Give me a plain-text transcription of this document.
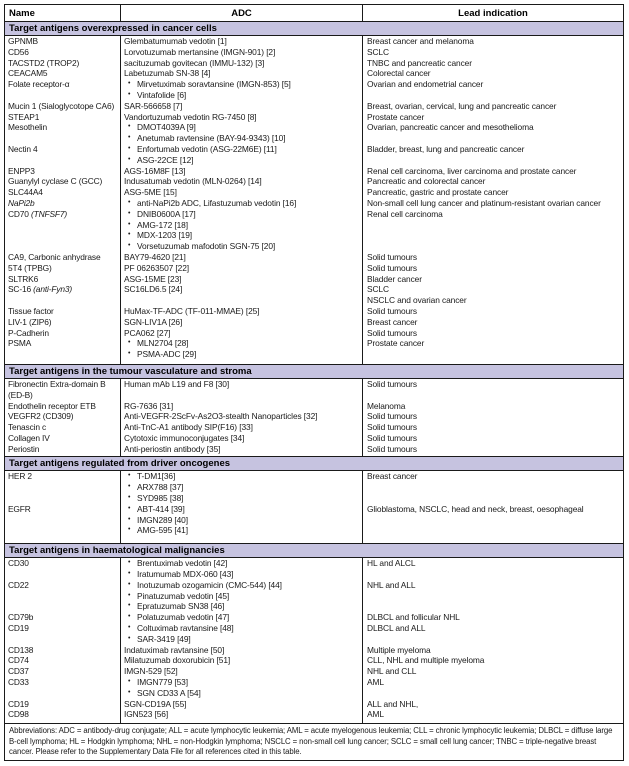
Name	ADC	Lead indication
Target antigens overexpressed in cancer cells
GPNMB
CD56
TACSTD2 (TROP2)
CEACAM5
Folate receptor-α
Mucin 1 (Sialoglycotope CA6)
STEAP1
Mesothelin
Nectin 4
ENPP3
Guanylyl cyclase C (GCC)
SLC44A4
NaPi2b
CD70 (TNFSF7)
CA9, Carbonic anhydrase
5T4 (TPBG)
SLTRK6
SC-16 (anti-Fyn3)
Tissue factor
LIV-1 (ZIP6)
P-Cadherin
PSMA
Glembatumumab vedotin [1]
Lorvotuzumab mertansine (IMGN-901) [2]
sacituzumab govitecan (IMMU-132) [3]
Labetuzumab SN-38 [4]
• Mirvetuximab soravtansine (IMGN-853) [5]
• Vintafolide [6]
SAR-566658 [7]
Vandortuzumab vedotin RG-7450 [8]
• DMOT4039A [9]
• Anetumab ravtensine (BAY-94-9343) [10]
• Enfortumab vedotin (ASG-22M6E) [11]
• ASG-22CE [12]
AGS-16M8F [13]
Indusatumab vedotin (MLN-0264) [14]
ASG-5ME [15]
• anti-NaPi2b ADC, Lifastuzumab vedotin [16]
• DNIB0600A [17]
• AMG-172 [18]
• MDX-1203 [19]
• Vorsetuzumab mafodotin SGN-75 [20]
BAY79-4620 [21]
PF 06263507 [22]
ASG-15ME [23]
SC16LD6.5 [24]
HuMax-TF-ADC (TF-011-MMAE) [25]
SGN-LIV1A [26]
PCA062 [27]
• MLN2704 [28]
• PSMA-ADC [29]
Breast cancer and melanoma
SCLC
TNBC and pancreatic cancer
Colorectal cancer
Ovarian and endometrial cancer
Breast, ovarian, cervical, lung and pancreatic cancer
Prostate cancer
Ovarian, pancreatic cancer and mesothelioma
Bladder, breast, lung and pancreatic cancer
Renal cell carcinoma, liver carcinoma and prostate cancer
Pancreatic and colorectal cancer
Pancreatic, gastric and prostate cancer
Non-small cell lung cancer and platinum-resistant ovarian cancer
Renal cell carcinoma
Solid tumours
Solid tumours
Bladder cancer
SCLC
NSCLC and ovarian cancer
Solid tumours
Breast cancer
Solid tumours
Prostate cancer
Target antigens in the tumour vasculature and stroma
Fibronectin Extra-domain B
(ED-B)
Endothelin receptor ETB
VEGFR2 (CD309)
Tenascin c
Collagen IV
Periostin
Human mAb L19 and F8 [30]
RG-7636 [31]
Anti-VEGFR-2ScFv-As2O3-stealth Nanoparticles [32]
Anti-TnC-A1 antibody SIP(F16) [33]
Cytotoxic immunoconjugates [34]
Anti-periostin antibody [35]
Solid tumours
Melanoma
Solid tumours
Solid tumours
Solid tumours
Solid tumours
Target antigens regulated from driver oncogenes
HER 2
EGFR
• T-DM1[36]
• ARX788 [37]
• SYD985 [38]
• ABT-414 [39]
• IMGN289 [40]
• AMG-595 [41]
Breast cancer
Glioblastoma, NSCLC, head and neck, breast, oesophageal
Target antigens in haematological malignancies
CD30
CD22
CD79b
CD19
CD138
CD74
CD37
CD33
CD19
CD98
• Brentuximab vedotin [42]
• Iratumumab MDX-060 [43]
• Inotuzumab ozogamicin (CMC-544) [44]
• Pinatuzumab vedotin [45]
• Epratuzumab SN38 [46]
• Polatuzumab vedotin [47]
• Coltuximab ravtansine [48]
• SAR-3419 [49]
Indatuximab ravtansine [50]
Milatuzumab doxorubicin [51]
IMGN-529 [52]
• IMGN779 [53]
• SGN CD33 A [54]
SGN-CD19A [55]
IGN523 [56]
HL and ALCL
NHL and ALL
DLBCL and follicular NHL
DLBCL and ALL
Multiple myeloma
CLL, NHL and multiple myeloma
NHL and CLL
AML
ALL and NHL,
AML
Abbreviations: ADC = antibody-drug conjugate; ALL = acute lymphocytic leukemia; AML = acute myelogenous leukemia; CLL = chronic lymphocytic leukemia; DLBCL = diffuse large B-cell lymphoma; HL = Hodgkin lymphoma; NHL = non-Hodgkin lymphoma; NSCLC = non-small cell lung cancer; SCLC = small cell lung cancer; TNBC = triple-negative breast cancer. Please refer to the Supplementary Data File for all references cited in this table.
